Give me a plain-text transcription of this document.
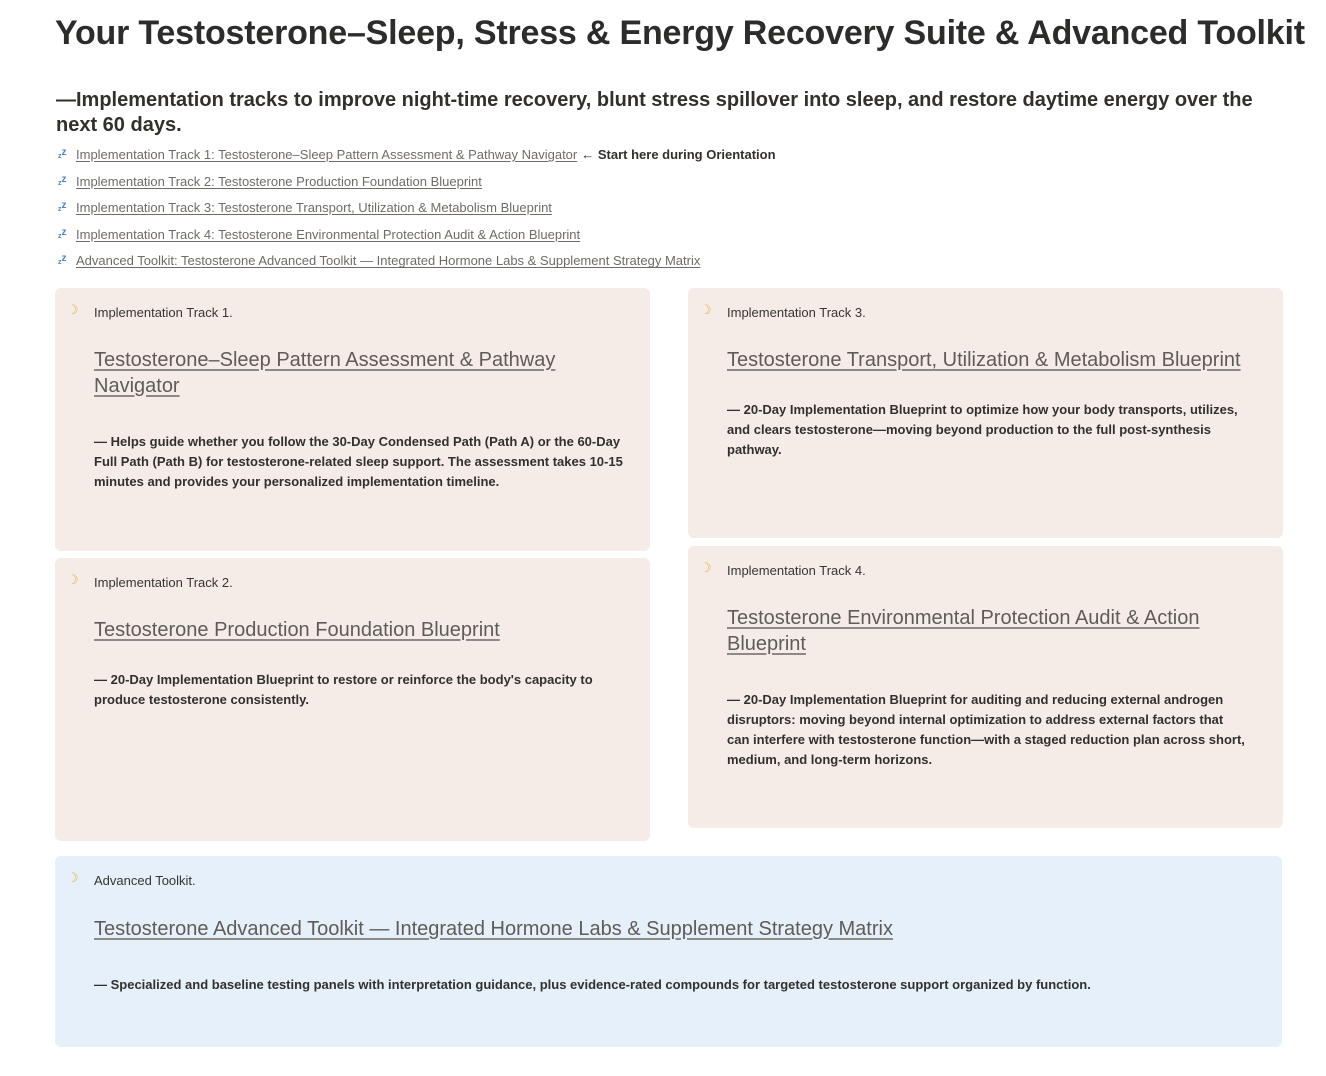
Your Testosterone–Sleep, Stress & Energy Recovery Suite & Advanced Toolkit

—Implementation tracks to improve night-time recovery, blunt stress spillover into sleep, and restore daytime energy over the next 60 days.

$_z$z Implementation Track 1: Testosterone–Sleep Pattern Assessment & Pathway Navigator ← Start here during Orientation
$_z$z Implementation Track 2: Testosterone Production Foundation Blueprint
$_z$z Implementation Track 3: Testosterone Transport, Utilization & Metabolism Blueprint
$_z$z Implementation Track 4: Testosterone Environmental Protection Audit & Action Blueprint
$_z$z Advanced Toolkit: Testosterone Advanced Toolkit — Integrated Hormone Labs & Supplement Strategy Matrix
☽ Implementation Track 1.
Testosterone–Sleep Pattern Assessment & Pathway Navigator

— Helps guide whether you follow the 30-Day Condensed Path (Path A) or the 60-Day Full Path (Path B) for testosterone-related sleep support. The assessment takes 10-15 minutes and provides your personalized implementation timeline.

☽ Implementation Track 2.
Testosterone Production Foundation Blueprint

— 20-Day Implementation Blueprint to restore or reinforce the body's capacity to produce testosterone consistently.

☽ Implementation Track 3.
Testosterone Transport, Utilization & Metabolism Blueprint

— 20-Day Implementation Blueprint to optimize how your body transports, utilizes, and clears testosterone—moving beyond production to the full post-synthesis pathway.

☽ Implementation Track 4.
Testosterone Environmental Protection Audit & Action Blueprint

— 20-Day Implementation Blueprint for auditing and reducing external androgen disruptors: moving beyond internal optimization to address external factors that can interfere with testosterone function—with a staged reduction plan across short, medium, and long-term horizons.

☽ Advanced Toolkit.
Testosterone Advanced Toolkit — Integrated Hormone Labs & Supplement Strategy Matrix

— Specialized and baseline testing panels with interpretation guidance, plus evidence-rated compounds for targeted testosterone support organized by function.
